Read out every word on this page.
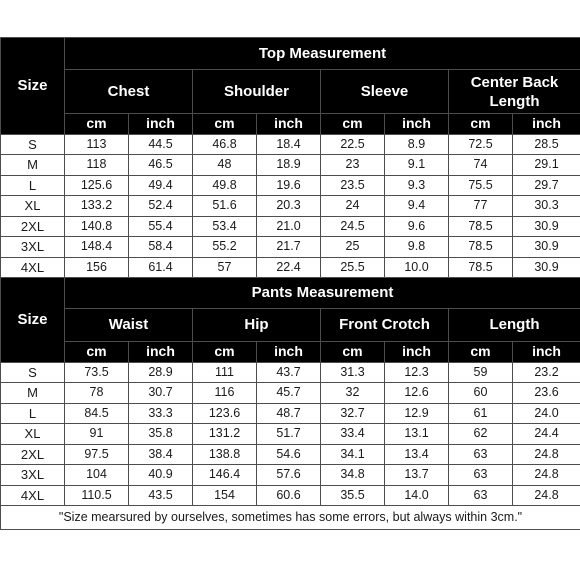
Size	Top Measurement							
	Chest		Shoulder		Sleeve		Center Back Length	
	cm	inch	cm	inch	cm	inch	cm	inch
S	113	44.5	46.8	18.4	22.5	8.9	72.5	28.5
M	118	46.5	48	18.9	23	9.1	74	29.1
L	125.6	49.4	49.8	19.6	23.5	9.3	75.5	29.7
XL	133.2	52.4	51.6	20.3	24	9.4	77	30.3
2XL	140.8	55.4	53.4	21.0	24.5	9.6	78.5	30.9
3XL	148.4	58.4	55.2	21.7	25	9.8	78.5	30.9
4XL	156	61.4	57	22.4	25.5	10.0	78.5	30.9
Size	Pants Measurement							
	Waist		Hip		Front Crotch		Length	
	cm	inch	cm	inch	cm	inch	cm	inch
S	73.5	28.9	111	43.7	31.3	12.3	59	23.2
M	78	30.7	116	45.7	32	12.6	60	23.6
L	84.5	33.3	123.6	48.7	32.7	12.9	61	24.0
XL	91	35.8	131.2	51.7	33.4	13.1	62	24.4
2XL	97.5	38.4	138.8	54.6	34.1	13.4	63	24.8
3XL	104	40.9	146.4	57.6	34.8	13.7	63	24.8
4XL	110.5	43.5	154	60.6	35.5	14.0	63	24.8
"Size mearsured by ourselves, sometimes has some errors, but always within 3cm."								
